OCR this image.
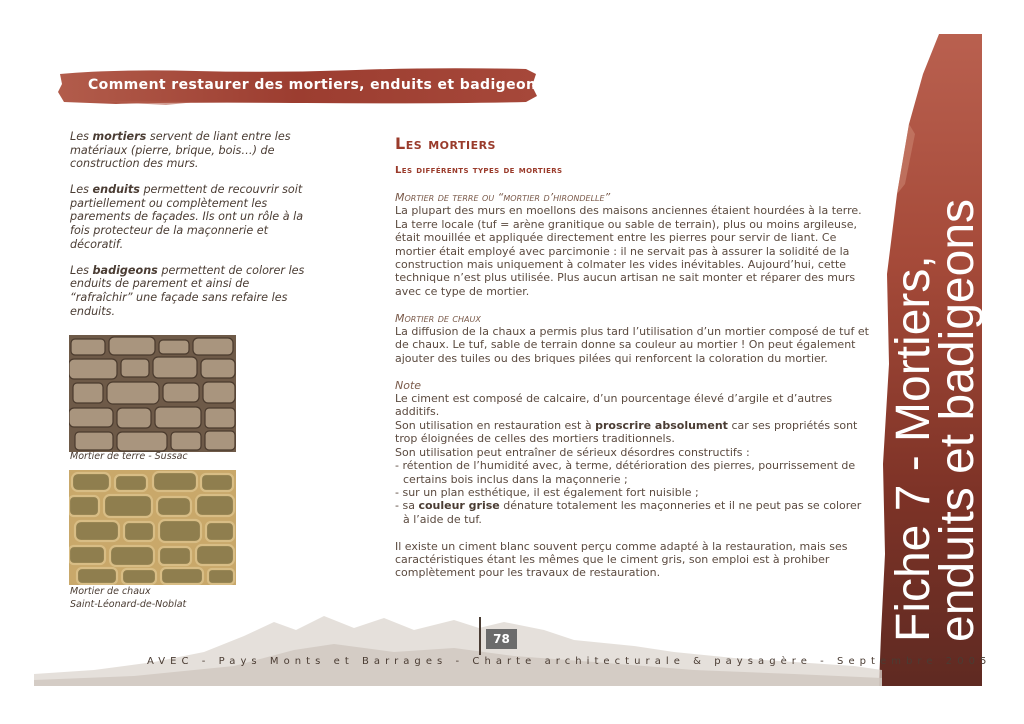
Comment restaurer des mortiers, enduits et badigeons ?

Les mortiers servent de liant entre les matériaux (pierre, brique, bois…) de construction des murs.

Les enduits permettent de recouvrir soit partiellement ou complètement les parements de façades. Ils ont un rôle à la fois protecteur de la maçonnerie et décoratif.

Les badigeons permettent de colorer les enduits de parement et ainsi de “rafraîchir” une façade sans refaire les enduits.

Mortier de terre - Sussac
Mortier de chaux
Saint-Léonard-de-Noblat
Les mortiers
Les différents types de mortiers

Mortier de terre ou “mortier d’hirondelle”

La plupart des murs en moellons des maisons anciennes étaient hourdées à la terre. La terre locale (tuf = arène granitique ou sable de terrain), plus ou moins argileuse, était mouillée et appliquée directement entre les pierres pour servir de liant. Ce mortier était employé avec parcimonie : il ne servait pas à assurer la solidité de la construction mais uniquement à colmater les vides inévitables. Aujourd’hui, cette technique n’est plus utilisée. Plus aucun artisan ne sait monter et réparer des murs avec ce type de mortier.

Mortier de chaux

La diffusion de la chaux a permis plus tard l’utilisation d’un mortier composé de tuf et de chaux. Le tuf, sable de terrain donne sa couleur au mortier ! On peut également ajouter des tuiles ou des briques pilées qui renforcent la coloration du mortier.

Note

Le ciment est composé de calcaire, d’un pourcentage élevé d’argile et d’autres additifs.

Son utilisation en restauration est à proscrire absolument car ses propriétés sont trop éloignées de celles des mortiers traditionnels.

Son utilisation peut entraîner de sérieux désordres constructifs :

- rétention de l’humidité avec, à terme, détérioration des pierres, pourrissement de certains bois inclus dans la maçonnerie ;

- sur un plan esthétique, il est également fort nuisible ;

- sa couleur grise dénature totalement les maçonneries et il ne peut pas se colorer à l’aide de tuf.

Il existe un ciment blanc souvent perçu comme adapté à la restauration, mais ses caractéristiques étant les mêmes que le ciment gris, son emploi est à prohiber complètement pour les travaux de restauration.	Fiche 7 - Mortiers,
enduits et badigeons
78
AVEC - Pays Monts et Barrages - Charte architecturale & paysagère - Septembre 2005
